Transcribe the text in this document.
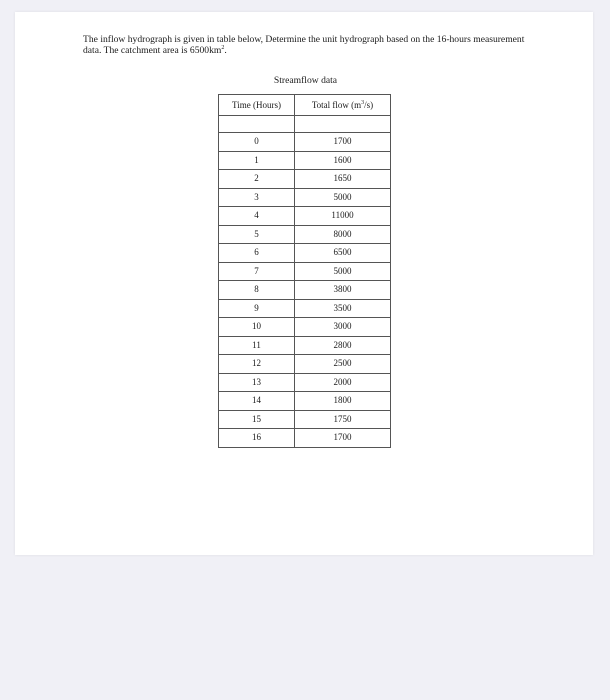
The inflow hydrograph is given in table below, Determine the unit hydrograph based on the 16-hours measurement data. The catchment area is $6500km^2$.
Streamflow data
Time (Hours)	Total flow $(m^3/s)$

0	1700
1	1600
2	1650
3	5000
4	11000
5	8000
6	6500
7	5000
8	3800
9	3500
10	3000
11	2800
12	2500
13	2000
14	1800
15	1750
16	1700
